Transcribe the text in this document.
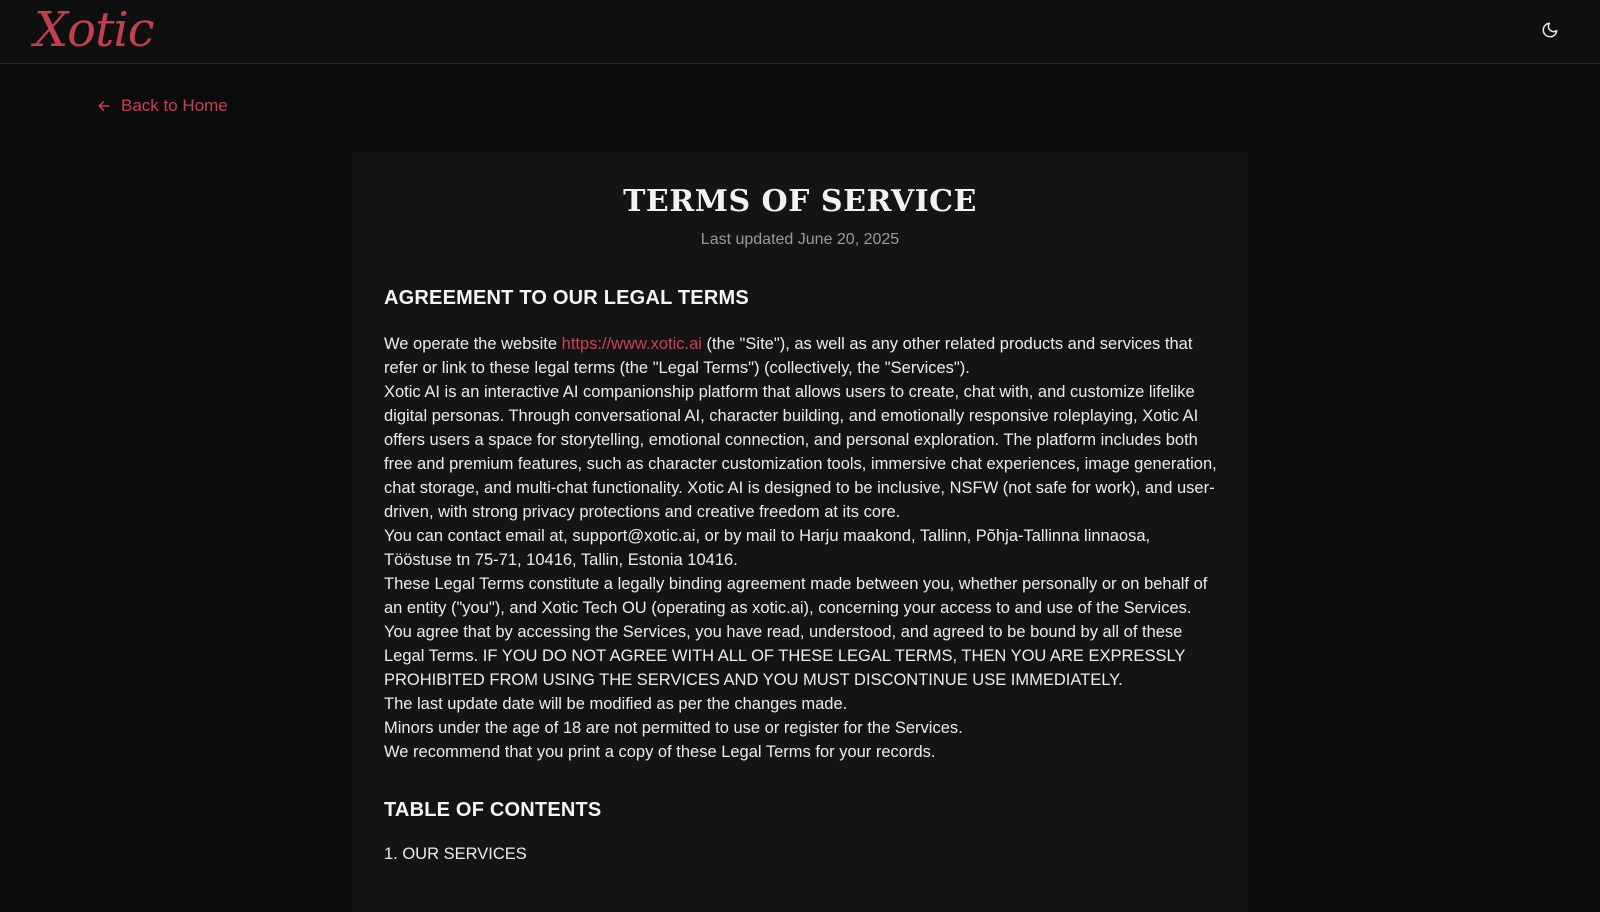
Xotic
Back to Home
TERMS OF SERVICE
Last updated June 20, 2025
AGREEMENT TO OUR LEGAL TERMS

We operate the website https://www.xotic.ai (the "Site"), as well as any other related products and services that refer or link to these legal terms (the "Legal Terms") (collectively, the "Services").

Xotic AI is an interactive AI companionship platform that allows users to create, chat with, and customize lifelike digital personas. Through conversational AI, character building, and emotionally responsive roleplaying, Xotic AI offers users a space for storytelling, emotional connection, and personal exploration. The platform includes both free and premium features, such as character customization tools, immersive chat experiences, image generation, chat storage, and multi-chat functionality. Xotic AI is designed to be inclusive, NSFW (not safe for work), and user-driven, with strong privacy protections and creative freedom at its core.

You can contact email at, support@xotic.ai, or by mail to Harju maakond, Tallinn, Põhja-Tallinna linnaosa, Tööstuse tn 75-71, 10416, Tallin, Estonia 10416.

These Legal Terms constitute a legally binding agreement made between you, whether personally or on behalf of an entity ("you"), and Xotic Tech OU (operating as xotic.ai), concerning your access to and use of the Services. You agree that by accessing the Services, you have read, understood, and agreed to be bound by all of these Legal Terms. IF YOU DO NOT AGREE WITH ALL OF THESE LEGAL TERMS, THEN YOU ARE EXPRESSLY PROHIBITED FROM USING THE SERVICES AND YOU MUST DISCONTINUE USE IMMEDIATELY.

The last update date will be modified as per the changes made.

Minors under the age of 18 are not permitted to use or register for the Services.

We recommend that you print a copy of these Legal Terms for your records.

TABLE OF CONTENTS
1. OUR SERVICES
